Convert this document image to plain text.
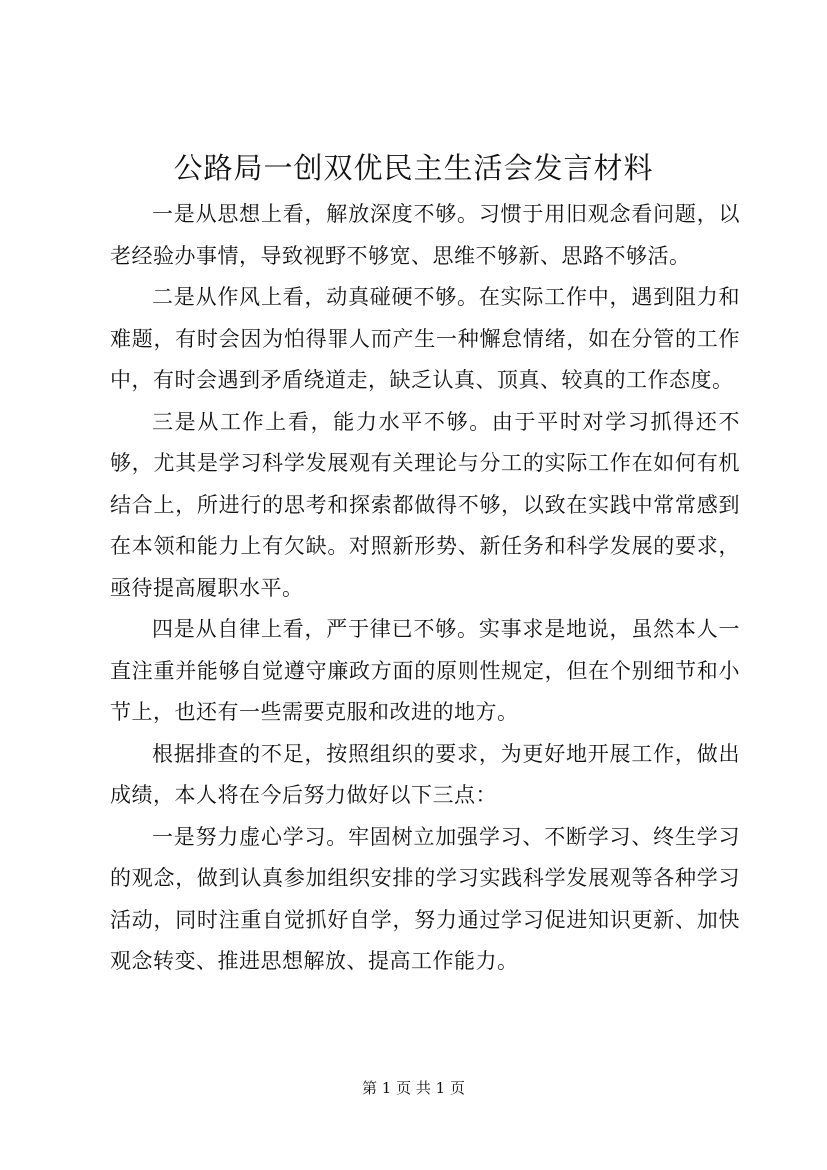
公路局一创双优民主生活会发言材料

一是从思想上看，解放深度不够。习惯于用旧观念看问题，以老经验办事情，导致视野不够宽、思维不够新、思路不够活。

二是从作风上看，动真碰硬不够。在实际工作中，遇到阻力和难题，有时会因为怕得罪人而产生一种懈怠情绪，如在分管的工作中，有时会遇到矛盾绕道走，缺乏认真、顶真、较真的工作态度。

三是从工作上看，能力水平不够。由于平时对学习抓得还不够，尤其是学习科学发展观有关理论与分工的实际工作在如何有机结合上，所进行的思考和探索都做得不够，以致在实践中常常感到在本领和能力上有欠缺。对照新形势、新任务和科学发展的要求，亟待提高履职水平。

四是从自律上看，严于律已不够。实事求是地说，虽然本人一直注重并能够自觉遵守廉政方面的原则性规定，但在个别细节和小节上，也还有一些需要克服和改进的地方。

根据排查的不足，按照组织的要求，为更好地开展工作，做出成绩，本人将在今后努力做好以下三点：

一是努力虚心学习。牢固树立加强学习、不断学习、终生学习的观念，做到认真参加组织安排的学习实践科学发展观等各种学习活动，同时注重自觉抓好自学，努力通过学习促进知识更新、加快观念转变、推进思想解放、提高工作能力。

第 1 页 共 1 页
